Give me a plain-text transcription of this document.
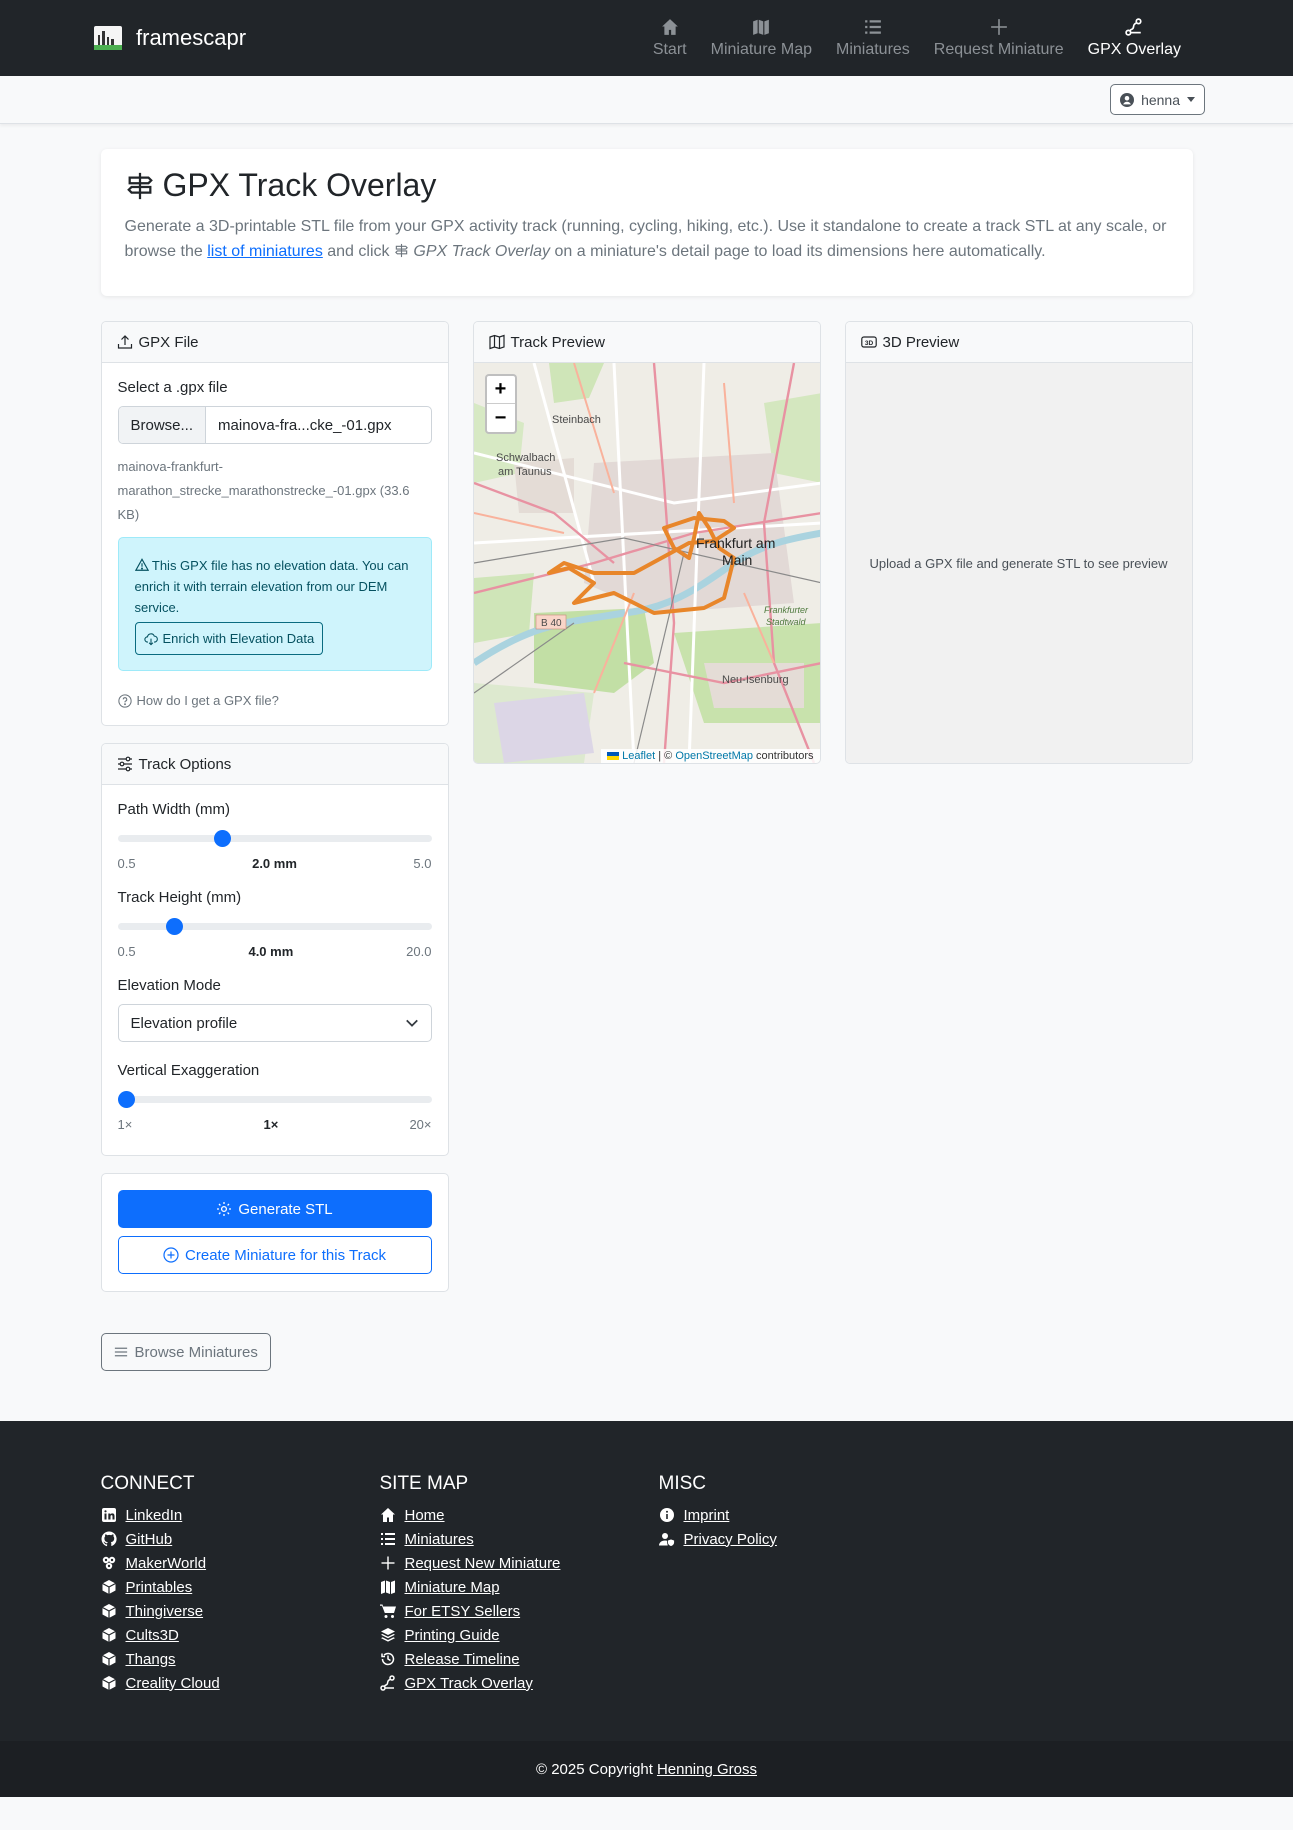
framescapr	Start Miniature Map Miniatures Request Miniature GPX Overlay
henna
GPX Track Overlay

Generate a 3D-printable STL file from your GPX activity track (running, cycling, hiking, etc.). Use it standalone to create a track STL at any scale, or browse the list of miniatures and click  GPX Track Overlay on a miniature's detail page to load its dimensions here automatically.

GPX File
Select a .gpx file
Browse...	mainova-fra...cke_-01.gpx
mainova-frankfurt-marathon_strecke_marathonstrecke_-01.gpx (33.6 KB)
This GPX file has no elevation data. You can enrich it with terrain elevation from our DEM service.

Enrich with Elevation Data
How do I get a GPX file?
Track Options
Path Width (mm)
0.5	2.0 mm	5.0
Track Height (mm)
0.5	4.0 mm	20.0
Elevation Mode
Elevation profile
Vertical Exaggeration
1×	1×	20×
Generate STL
Create Miniature for this Track
Track Preview
Steinbach
Schwalbach
am Taunus
Frankfurt am
Main
Neu-Isenburg
B 40
Frankfurter
Stadtwald
+
−
Leaflet | © OpenStreetMap contributors
3D 3D Preview
Upload a GPX file and generate STL to see preview
Browse Miniatures
CONNECT
LinkedIn
GitHub
MakerWorld
Printables
Thingiverse
Cults3D
Thangs
Creality Cloud
SITE MAP
Home
Miniatures
Request New Miniature
Miniature Map
For ETSY Sellers
Printing Guide
Release Timeline
GPX Track Overlay
MISC
Imprint
Privacy Policy
© 2025 Copyright Henning Gross
